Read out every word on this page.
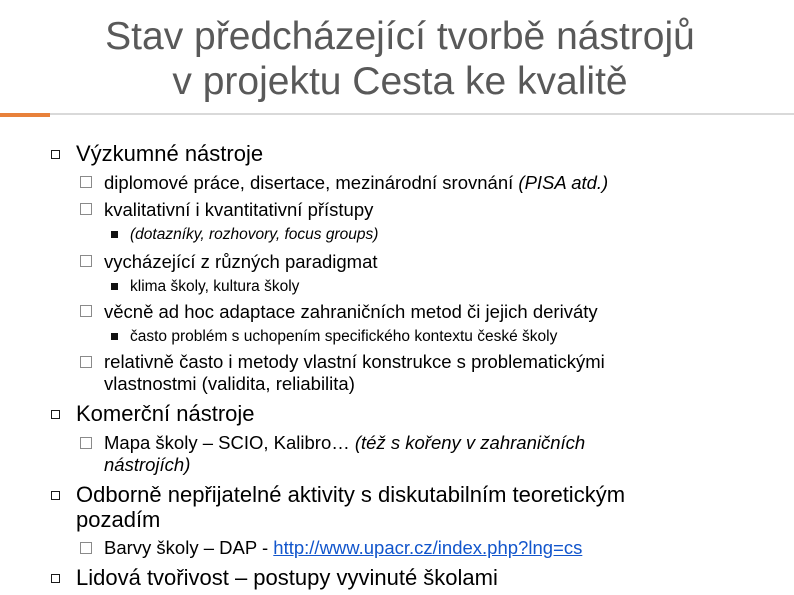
Stav předcházející tvorbě nástrojů
v projektu Cesta ke kvalitě
Výzkumné nástroje
diplomové práce, disertace, mezinárodní srovnání (PISA atd.)
kvalitativní i kvantitativní přístupy
(dotazníky, rozhovory, focus groups)
vycházející z různých paradigmat
klima školy, kultura školy
věcně ad hoc adaptace zahraničních metod či jejich deriváty
často problém s uchopením specifického kontextu české školy
relativně často i metody vlastní konstrukce s problematickými
vlastnostmi (validita, reliabilita)
Komerční nástroje
Mapa školy – SCIO, Kalibro… (též s kořeny v zahraničních
nástrojích)
Odborně nepřijatelné aktivity s diskutabilním teoretickým
pozadím
Barvy školy – DAP - http://www.upacr.cz/index.php?lng=cs
Lidová tvořivost – postupy vyvinuté školami
